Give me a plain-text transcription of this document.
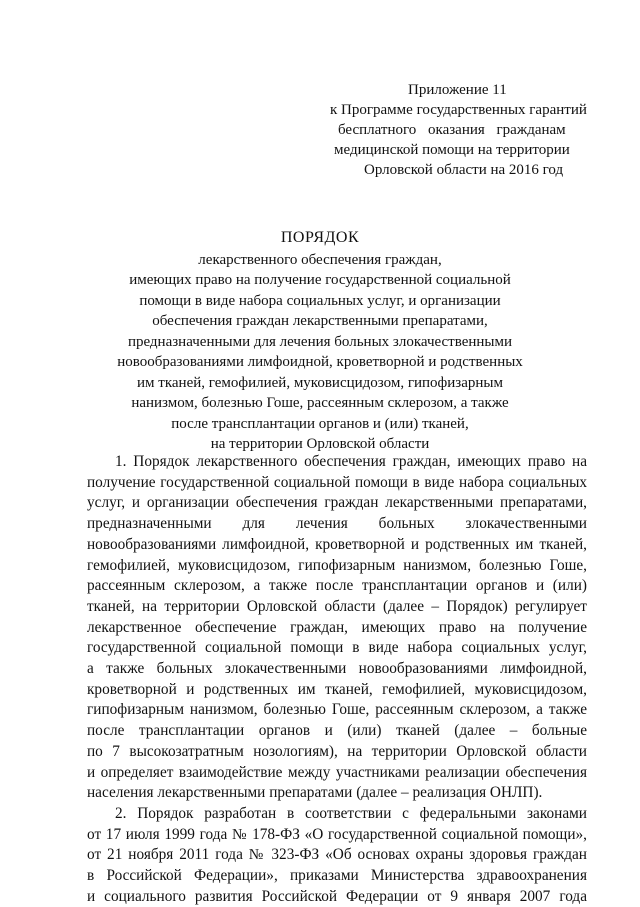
Приложение 11
к Программе государственных гарантий
бесплатного оказания гражданам
медицинской помощи на территории
Орловской области на 2016 год
ПОРЯДОК
лекарственного обеспечения граждан,
имеющих право на получение государственной социальной
помощи в виде набора социальных услуг, и организации
обеспечения граждан лекарственными препаратами,
предназначенными для лечения больных злокачественными
новообразованиями лимфоидной, кроветворной и родственных
им тканей, гемофилией, муковисцидозом, гипофизарным
нанизмом, болезнью Гоше, рассеянным склерозом, а также
после трансплантации органов и (или) тканей,
на территории Орловской области
1. Порядок лекарственного обеспечения граждан, имеющих право на
получение государственной социальной помощи в виде набора социальных
услуг, и организации обеспечения граждан лекарственными препаратами,
предназначенными для лечения больных злокачественными
новообразованиями лимфоидной, кроветворной и родственных им тканей,
гемофилией, муковисцидозом, гипофизарным нанизмом, болезнью Гоше,
рассеянным склерозом, а также после трансплантации органов и (или)
тканей, на территории Орловской области (далее – Порядок) регулирует
лекарственное обеспечение граждан, имеющих право на получение
государственной социальной помощи в виде набора социальных услуг,
а также больных злокачественными новообразованиями лимфоидной,
кроветворной и родственных им тканей, гемофилией, муковисцидозом,
гипофизарным нанизмом, болезнью Гоше, рассеянным склерозом, а также
после трансплантации органов и (или) тканей (далее – больные
по 7 высокозатратным нозологиям), на территории Орловской области
и определяет взаимодействие между участниками реализации обеспечения
населения лекарственными препаратами (далее – реализация ОНЛП).
2. Порядок разработан в соответствии с федеральными законами
от 17 июля 1999 года № 178-ФЗ «О государственной социальной помощи»,
от 21 ноября 2011 года № 323-ФЗ «Об основах охраны здоровья граждан
в Российской Федерации», приказами Министерства здравоохранения
и социального развития Российской Федерации от 9 января 2007 года
